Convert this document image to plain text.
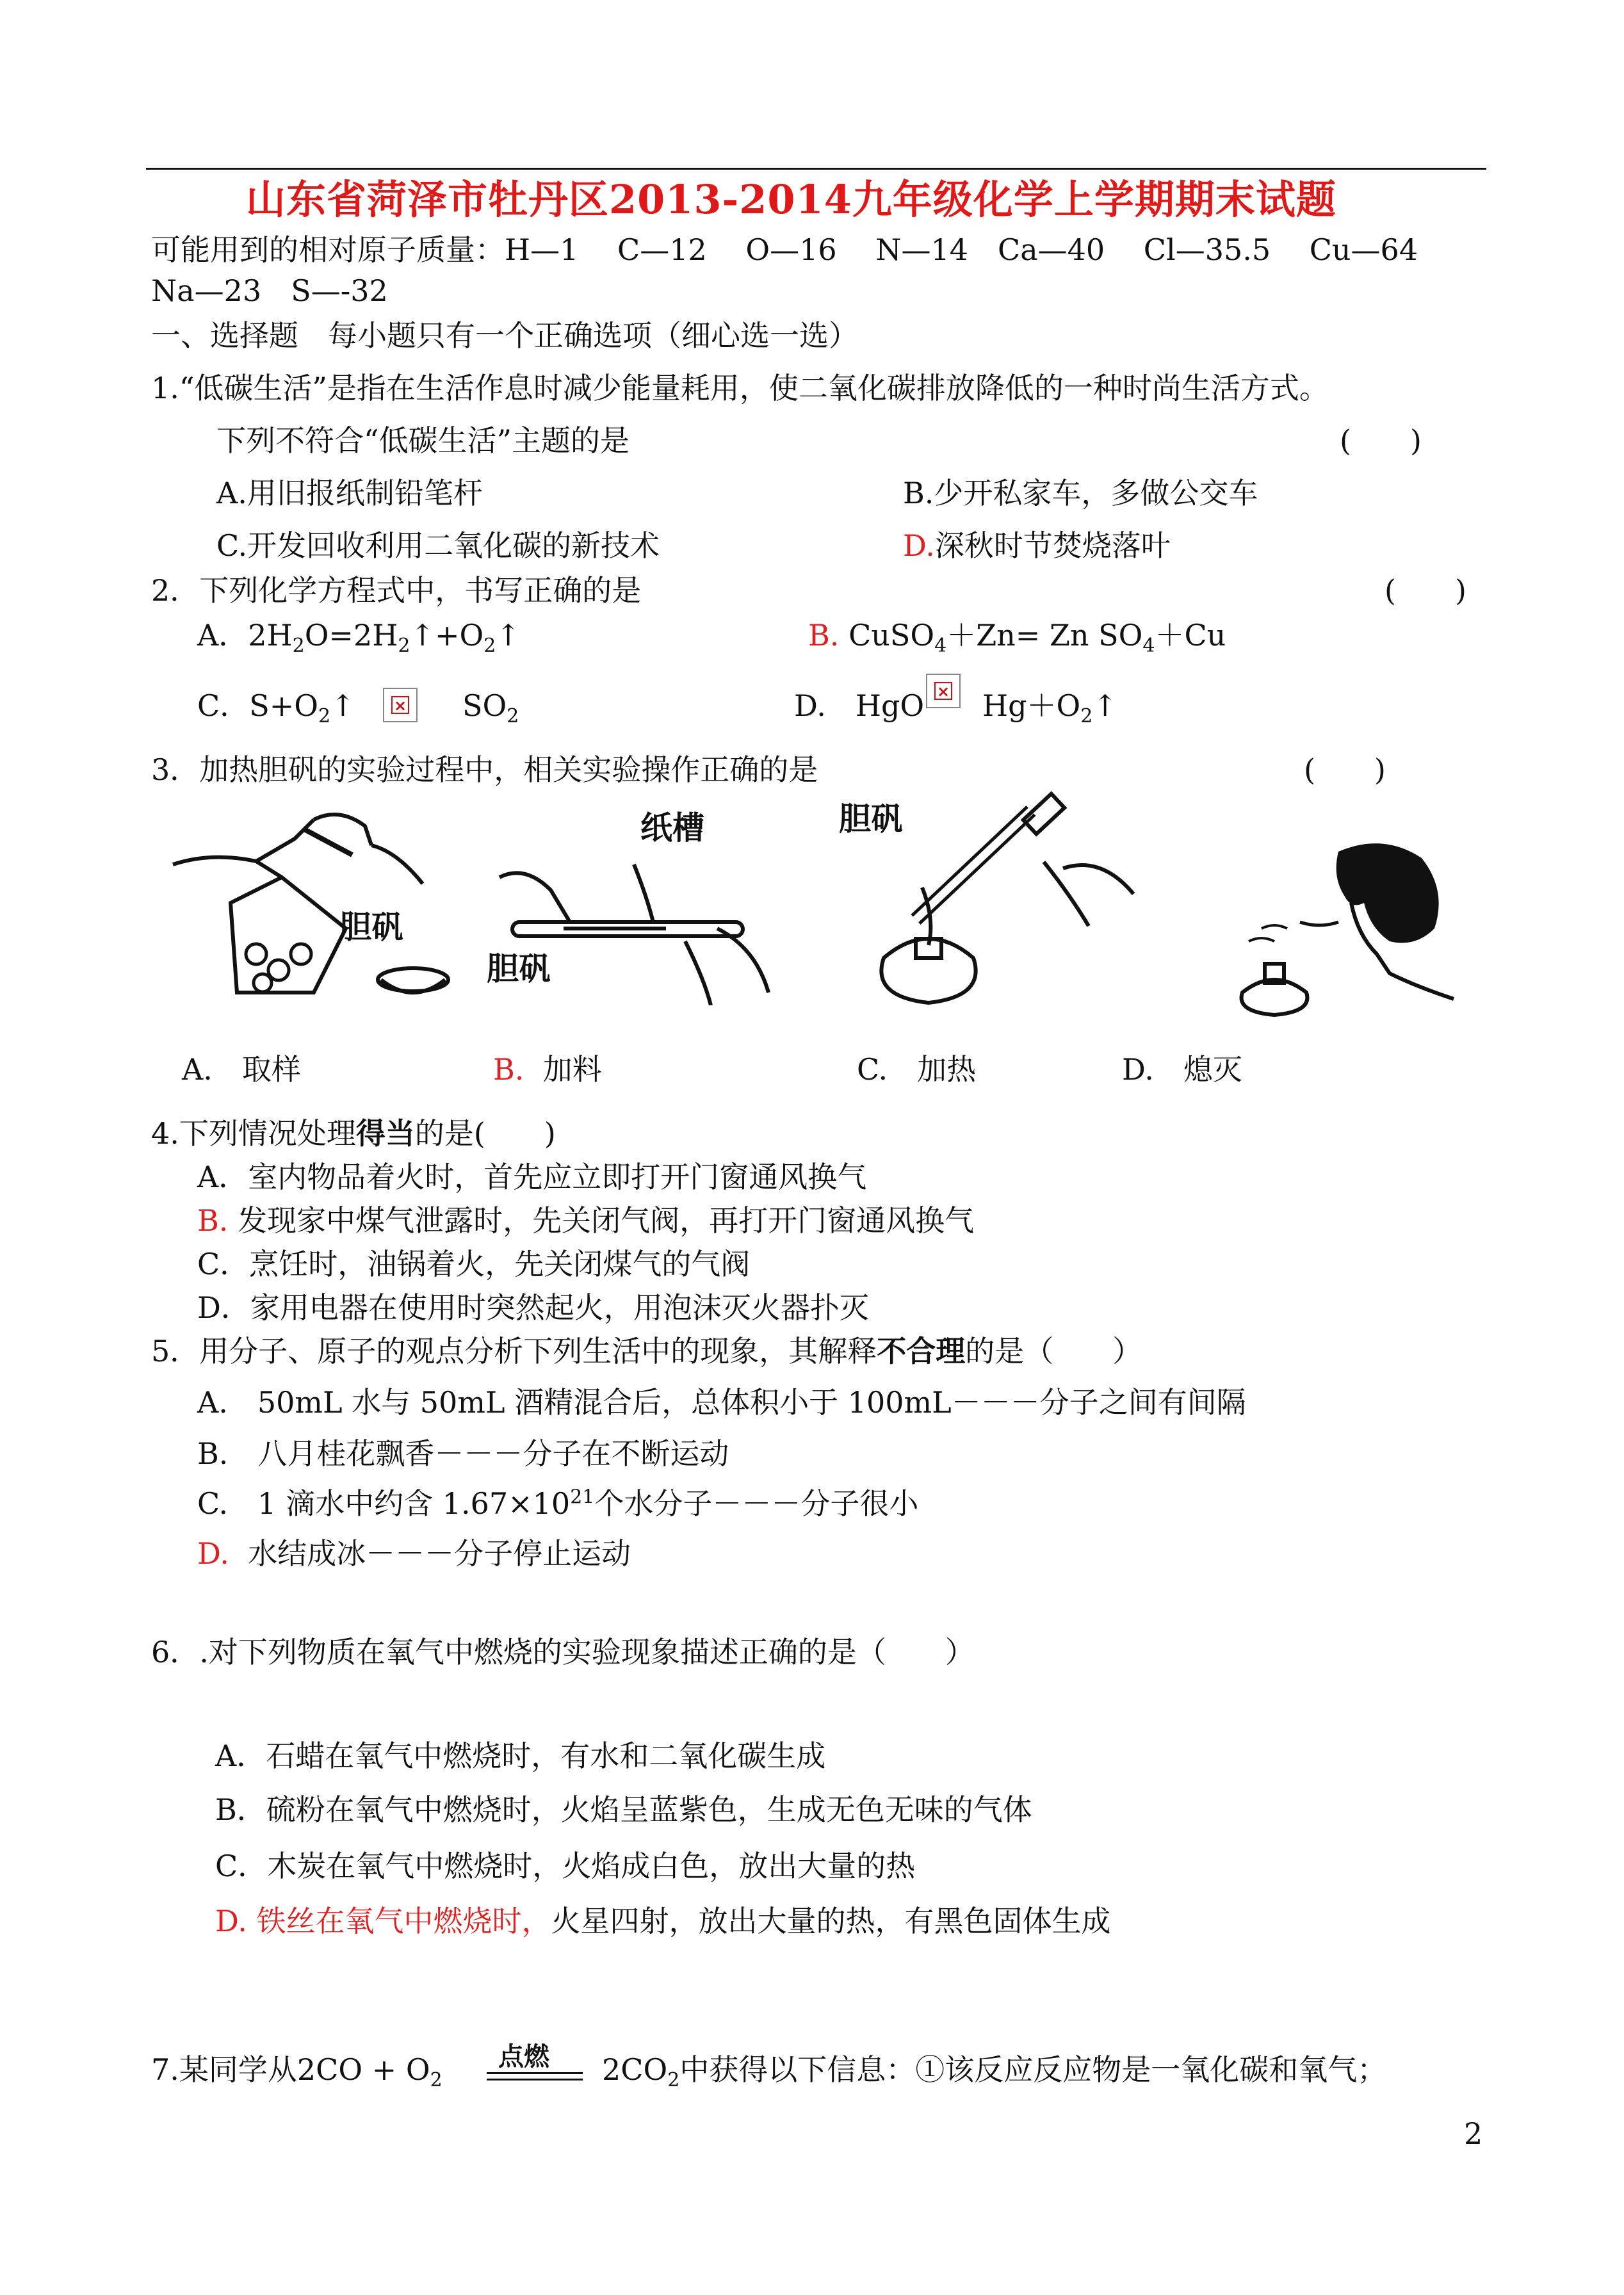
山东省菏泽市牡丹区2013-2014九年级化学上学期期末试题
可能用到的相对原子质量：H—1　 C—12　 O—16　 N—14　Ca—40　 Cl—35.5　 Cu—64
Na—23　S—-32
一、选择题　每小题只有一个正确选项（细心选一选）
1.“低碳生活”是指在生活作息时减少能量耗用，使二氧化碳排放降低的一种时尚生活方式。
下列不符合“低碳生活”主题的是	(　　)
A.用旧报纸制铅笔杆	B.少开私家车，多做公交车
C.开发回收利用二氧化碳的新技术	D.深秋时节焚烧落叶
2．下列化学方程式中，书写正确的是	(　　)
A．$2H_2O=2H_2↑+O_2↑$	B. CuSO$_4$＋Zn= Zn $SO_4+Cu$
C．$S+O_2↑$	× $SO_2$	D.　HgO × $Hg+O_2↑$
3．加热胆矾的实验过程中，相关实验操作正确的是	(　　)
胆矾
纸槽
胆矾
胆矾
A.　取样	B. 加料	C.　加热	D.　熄灭
4.下列情况处理得当的是(　　)
A．室内物品着火时，首先应立即打开门窗通风换气
B. 发现家中煤气泄露时，先关闭气阀，再打开门窗通风换气
C．烹饪时，油锅着火，先关闭煤气的气阀
D．家用电器在使用时突然起火，用泡沫灭火器扑灭
5．用分子、原子的观点分析下列生活中的现象，其解释不合理的是（　　）
A.　50mL 水与 50mL 酒精混合后，总体积小于 100mL－－－分子之间有间隔
B.　八月桂花飘香－－－分子在不断运动
C.　1 滴水中约含 $1.67\times 10^{21}$个水分子－－－分子很小
D. 水结成冰－－－分子停止运动
6．.对下列物质在氧气中燃烧的实验现象描述正确的是（　　）
A．石蜡在氧气中燃烧时，有水和二氧化碳生成
B．硫粉在氧气中燃烧时，火焰呈蓝紫色，生成无色无味的气体
C．木炭在氧气中燃烧时，火焰成白色，放出大量的热
D. 铁丝在氧气中燃烧时，火星四射，放出大量的热，有黑色固体生成
7.某同学从$2CO + O_2$
点燃 $2CO_2$中获得以下信息：①该反应反应物是一氧化碳和氧气；
2
